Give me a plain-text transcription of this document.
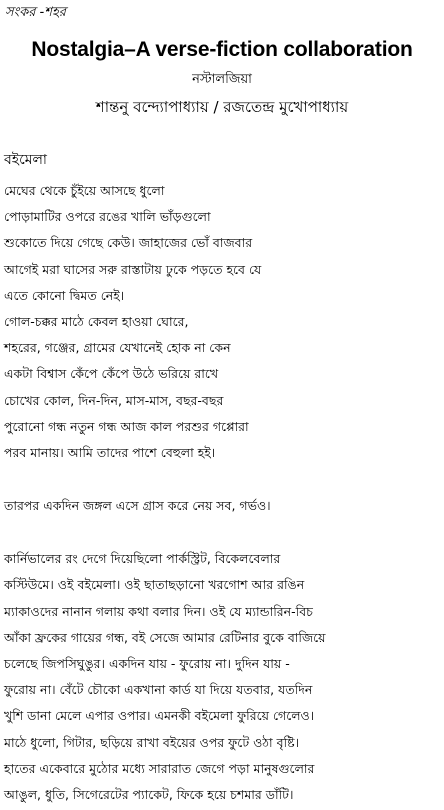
সংকর -শহর
Nostalgia–A verse-fiction collaboration
নস্টালজিয়া
শান্তনু বন্দ্যোপাধ্যায় / রজতেন্দ্র মুখোপাধ্যায়
বইমেলা
মেঘের থেকে চুঁইয়ে আসছে ধুলো
পোড়ামাটির ওপরে রঙের খালি ভাঁড়গুলো
শুকোতে দিয়ে গেছে কেউ। জাহাজের ভোঁ বাজবার
আগেই মরা ঘাসের সরু রাস্তাটায় ঢুকে পড়তে হবে যে
এতে কোনো দ্বিমত নেই।
গোল-চক্কর মাঠে কেবল হাওয়া ঘোরে,
শহরের, গঞ্জের, গ্রামের যেখানেই হোক না কেন
একটা বিশ্বাস কেঁপে কেঁপে উঠে ভরিয়ে রাখে
চোখের কোল, দিন-দিন, মাস-মাস, বছর-বছর
পুরোনো গন্ধ নতুন গন্ধ আজ কাল পরশুর গপ্পোরা
পরব মানায়। আমি তাদের পাশে বেহুলা হই।
তারপর একদিন জঙ্গল এসে গ্রাস করে নেয় সব, গর্ভও।
কার্নিভালের রং দেগে দিয়েছিলো পার্কস্ট্রিট, বিকেলবেলার
কস্টিউমে। ওই বইমেলা। ওই ছাতাছড়ানো খরগোশ আর রঙিন
ম্যাকাওদের নানান গলায় কথা বলার দিন। ওই যে ম্যান্ডারিন-বিচ
আঁকা ফ্রকের গায়ের গন্ধ, বই সেজে আমার রেটিনার বুকে বাজিয়ে
চলেছে জিপসিঘুঙুর। একদিন যায় - ফুরোয় না। দুদিন যায় -
ফুরোয় না। বেঁটে চৌকো একখানা কার্ড যা দিয়ে যতবার, যতদিন
খুশি ডানা মেলে এপার ওপার। এমনকী বইমেলা ফুরিয়ে গেলেও।
মাঠে ধুলো, গিটার, ছড়িয়ে রাখা বইয়ের ওপর ফুটে ওঠা বৃষ্টি।
হাতের একেবারে মুঠোর মধ্যে সারারাত জেগে পড়া মানুষগুলোর
আঙুল, ধুতি, সিগেরেটের প্যাকেট, ফিকে হয়ে চশমার ডাঁটি।
